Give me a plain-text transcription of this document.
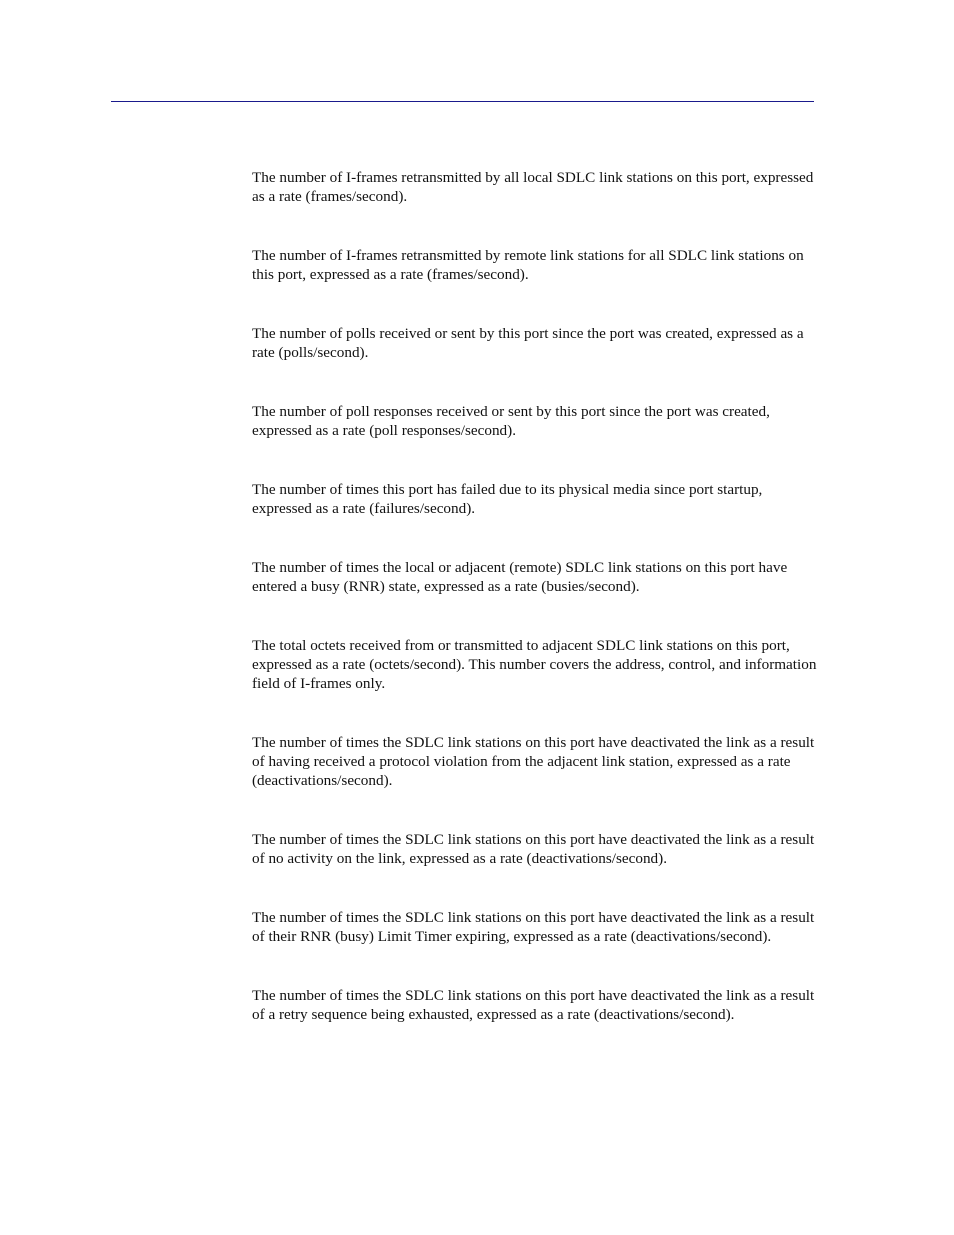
The number of I-frames retransmitted by all local SDLC link stations on this port, expressed as a rate (frames/second).

The number of I-frames retransmitted by remote link stations for all SDLC link stations on this port, expressed as a rate (frames/second).

The number of polls received or sent by this port since the port was created, expressed as a rate (polls/second).

The number of poll responses received or sent by this port since the port was created, expressed as a rate (poll responses/second).

The number of times this port has failed due to its physical media since port startup, expressed as a rate (failures/second).

The number of times the local or adjacent (remote) SDLC link stations on this port have entered a busy (RNR) state, expressed as a rate (busies/second).

The total octets received from or transmitted to adjacent SDLC link stations on this port, expressed as a rate (octets/second). This number covers the address, control, and information field of I-frames only.

The number of times the SDLC link stations on this port have deactivated the link as a result of having received a protocol violation from the adjacent link station, expressed as a rate (deactivations/second).

The number of times the SDLC link stations on this port have deactivated the link as a result of no activity on the link, expressed as a rate (deactivations/second).

The number of times the SDLC link stations on this port have deactivated the link as a result of their RNR (busy) Limit Timer expiring, expressed as a rate (deactivations/second).

The number of times the SDLC link stations on this port have deactivated the link as a result of a retry sequence being exhausted, expressed as a rate (deactivations/second).
